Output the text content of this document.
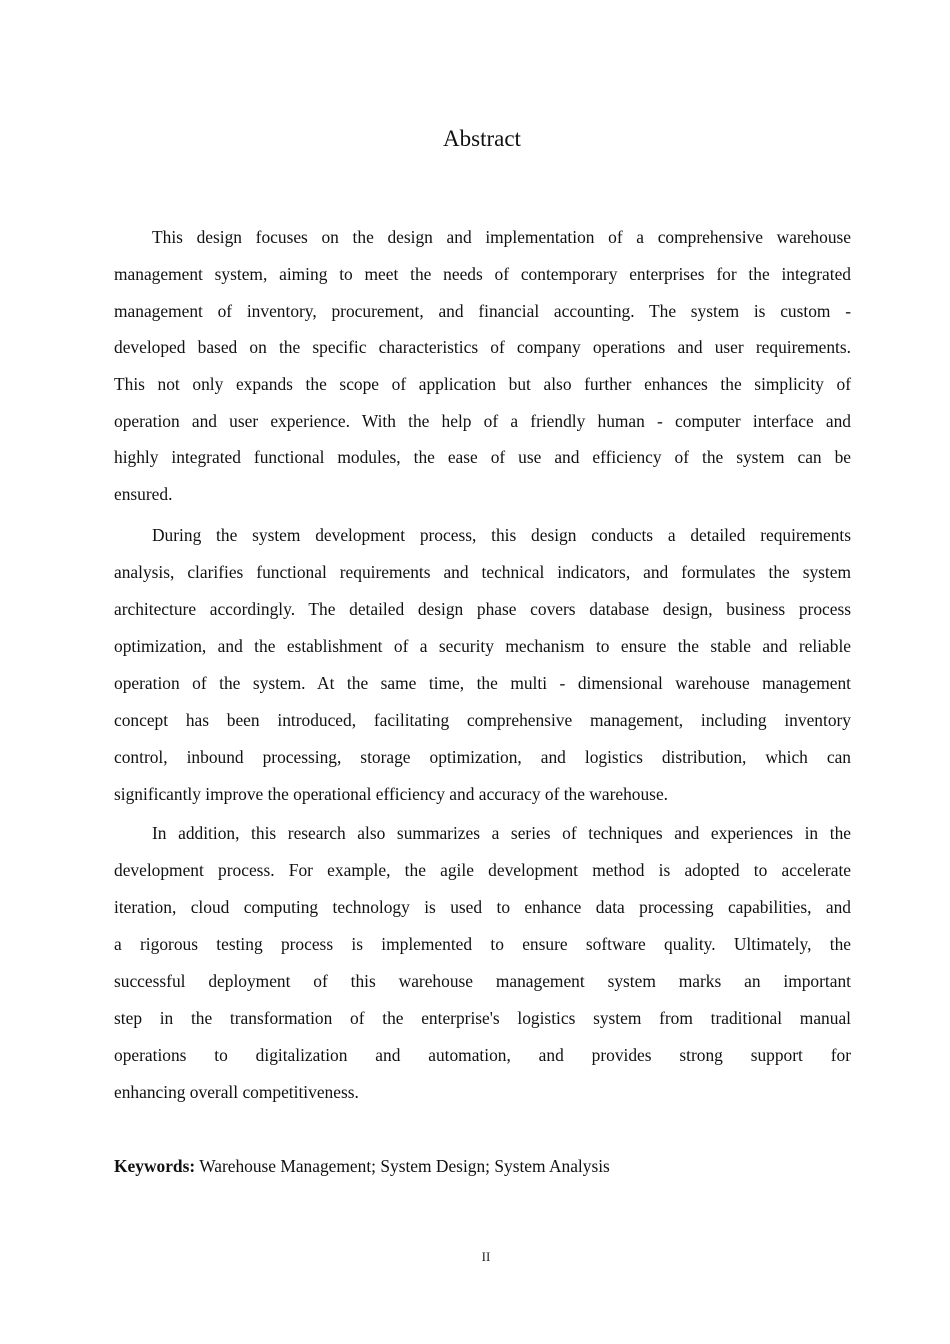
Abstract
This design focuses on the design and implementation of a comprehensive warehouse
management system, aiming to meet the needs of contemporary enterprises for the integrated
management of inventory, procurement, and financial accounting. The system is custom -
developed based on the specific characteristics of company operations and user requirements.
This not only expands the scope of application but also further enhances the simplicity of
operation and user experience. With the help of a friendly human - computer interface and
highly integrated functional modules, the ease of use and efficiency of the system can be
ensured.
During the system development process, this design conducts a detailed requirements
analysis, clarifies functional requirements and technical indicators, and formulates the system
architecture accordingly. The detailed design phase covers database design, business process
optimization, and the establishment of a security mechanism to ensure the stable and reliable
operation of the system. At the same time, the multi - dimensional warehouse management
concept has been introduced, facilitating comprehensive management, including inventory
control, inbound processing, storage optimization, and logistics distribution, which can
significantly improve the operational efficiency and accuracy of the warehouse.
In addition, this research also summarizes a series of techniques and experiences in the
development process. For example, the agile development method is adopted to accelerate
iteration, cloud computing technology is used to enhance data processing capabilities, and
a rigorous testing process is implemented to ensure software quality. Ultimately, the
successful deployment of this warehouse management system marks an important
step in the transformation of the enterprise's logistics system from traditional manual
operations to digitalization and automation, and provides strong support for
enhancing overall competitiveness.
Keywords: Warehouse Management; System Design; System Analysis
II
